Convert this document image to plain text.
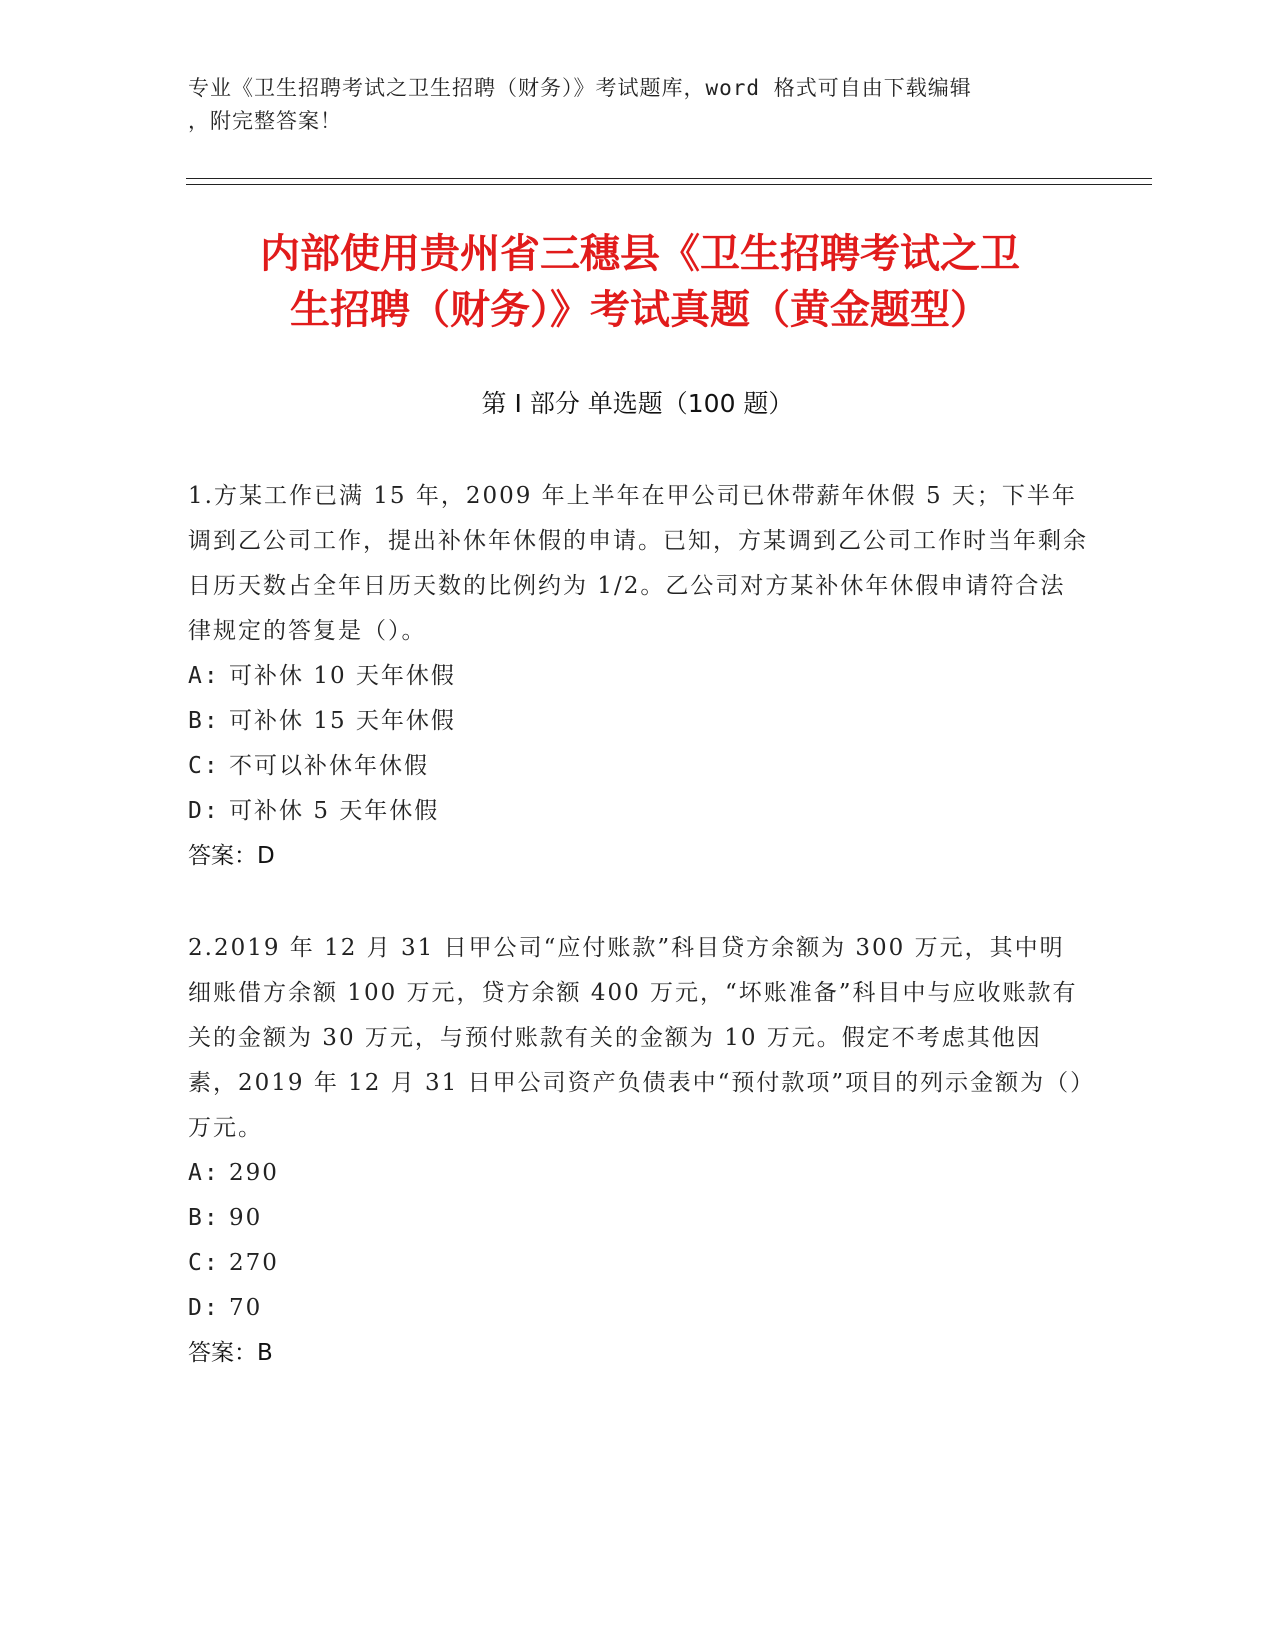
专业《卫生招聘考试之卫生招聘（财务）》考试题库，word 格式可自由下载编辑
，附完整答案！
内部使用贵州省三穗县《卫生招聘考试之卫
生招聘（财务）》考试真题（黄金题型）
第 I 部分 单选题（100 题）
1.方某工作已满 15 年，2009 年上半年在甲公司已休带薪年休假 5 天；下半年调到乙公司工作，提出补休年休假的申请。已知，方某调到乙公司工作时当年剩余日历天数占全年日历天数的比例约为 1/2。乙公司对方某补休年休假申请符合法律规定的答复是（）。
A: 可补休 10 天年休假
B: 可补休 15 天年休假
C: 不可以补休年休假
D: 可补休 5 天年休假
答案：D
2.2019 年 12 月 31 日甲公司“应付账款”科目贷方余额为 300 万元，其中明细账借方余额 100 万元，贷方余额 400 万元，“坏账准备”科目中与应收账款有关的金额为 30 万元，与预付账款有关的金额为 10 万元。假定不考虑其他因素，2019 年 12 月 31 日甲公司资产负债表中“预付款项”项目的列示金额为（）万元。
A: 290
B: 90
C: 270
D: 70
答案：B
